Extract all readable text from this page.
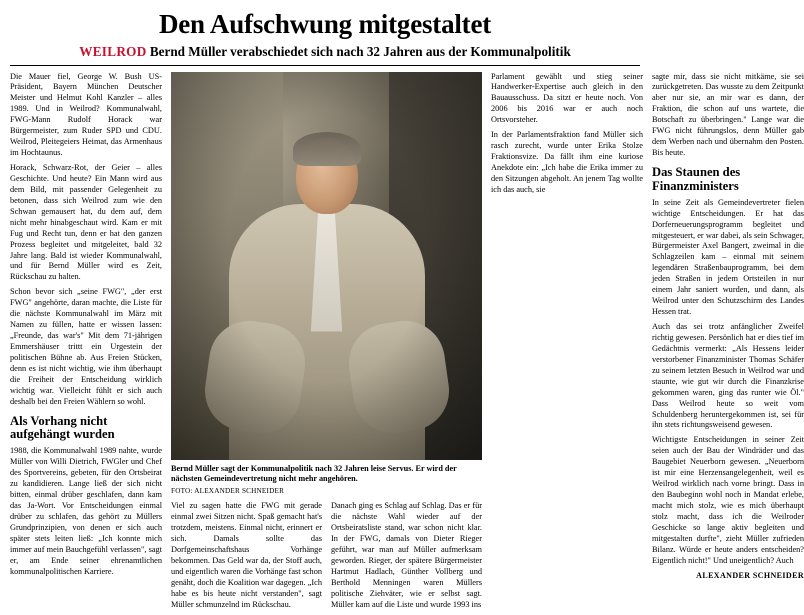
Den Aufschwung mitgestaltet
WEILROD Bernd Müller verabschiedet sich nach 32 Jahren aus der Kommunalpolitik

Die Mauer fiel, George W. Bush US-Präsident, Bayern München Deutscher Meister und Helmut Kohl Kanzler – alles 1989. Und in Weilrod? Kommunalwahl, FWG-Mann Rudolf Horack war Bürgermeister, zum Ruder SPD und CDU. Weilrod, Pleitegeiers Heimat, das Armenhaus im Hochtaunus.

Horack, Schwarz-Rot, der Geier – alles Geschichte. Und heute? Ein Mann wird aus dem Bild, mit passender Gelegenheit zu betonen, dass sich Weilrod zum wie den Schwan gemausert hat, du dem auf, dem nicht mehr hinabgeschaut wird. Kam er mit Fug und Recht tun, denn er hat den ganzen Prozess begleitet und mitgeleitet, bald 32 Jahre lang. Bald ist wieder Kommunalwahl, und für Bernd Müller wird es Zeit, Rückschau zu halten.

Schon bevor sich „seine FWG", „der erst FWG" angehörte, daran machte, die Liste für die nächste Kommunalwahl im März mit Namen zu füllen, hatte er wissen lassen: „Freunde, das war's" Mit dem 71-jährigen Emmershäuser trittt ein Urgestein der politischen Bühne ab. Aus Freien Stücken, denn es ist nicht wichtig, wie ihm überhaupt die Freiheit der Entscheidung wirklich wichtig war. Vielleicht fühlt er sich auch deshalb bei den Freien Wählern so wohl.

Als Vorhang nicht aufgehängt wurden

1988, die Kommunalwahl 1989 nahte, wurde Müller von Willi Dietrich, FWGler und Chef des Sportvereins, gebeten, für den Ortsbeirat zu kandidieren. Lange ließ der sich nicht bitten, einmal drüber geschlafen, dann kam das Ja-Wort. Vor Entscheidungen einmal drüber zu schlafen, das gehört zu Müllers Grundprinzipien, von denen er sich auch später stets leiten ließ: „Ich konnte mich immer auf mein Bauchgefühl verlassen", sagt er, am Ende seiner ehrenamtlichen kommunalpolitischen Karriere.

Bernd Müller sagt der Kommunalpolitik nach 32 Jahren leise Servus. Er wird der nächsten Gemeindevertretung nicht mehr angehören.
FOTO: ALEXANDER SCHNEIDER

Viel zu sagen hatte die FWG mit gerade einmal zwei Sitzen nicht. Spaß gemacht hat's trotzdem, meistens. Einmal nicht, erinnert er sich. Damals sollte das Dorfgemeinschaftshaus Vorhänge bekommen. Das Geld war da, der Stoff auch, und eigentlich waren die Vorhänge fast schon genäht, doch die Koalition war dagegen. „Ich habe es bis heute nicht verstanden", sagt Müller schmunzelnd im Rückschau.

Danach ging es Schlag auf Schlag. Das er für die nächste Wahl wieder auf der Ortsbeiratsliste stand, war schon nicht klar. In der FWG, damals von Dieter Rieger geführt, war man auf Müller aufmerksam geworden. Rieger, der spätere Bürgermeister Hartmut Hadlach, Günther Vollberg und Berthold Menningen waren Müllers politische Ziehväter, wie er selbst sagt. Müller kam auf die Liste und wurde 1993 ins

Parlament gewählt und stieg seiner Handwerker-Expertise auch gleich in den Bauausschuss. Da sitzt er heute noch. Von 2006 bis 2016 war er auch noch Ortsvorsteher.

In der Parlamentsfraktion fand Müller sich rasch zurecht, wurde unter Erika Stolze Fraktionsvize. Da fällt ihm eine kuriose Anekdote ein: „Ich habe die Erika immer zu den Sitzungen abgeholt. An jenem Tag wollte ich das auch, sie

sagte mir, dass sie nicht mitkäme, sie sei zurückgetreten. Das wusste zu dem Zeitpunkt aber nur sie, an mir war es dann, der Fraktion, die schon auf uns wartete, die Botschaft zu überbringen." Lange war die FWG nicht führungslos, denn Müller gab dem Werben nach und übernahm den Posten. Bis heute.

Das Staunen des Finanzministers

In seine Zeit als Gemeindevertreter fielen wichtige Entscheidungen. Er hat das Dorferneuerungsprogramm begleitet und mitgesteuert, er war dabei, als sein Schwager, Bürgermeister Axel Bangert, zweimal in die Schlagzeilen kam – einmal mit seinem legendären Straßenbauprogramm, bei dem jeden Straßen in jedem Ortsteilen in nur einem Jahr saniert wurden, und dann, als Weilrod unter den Schutzschirm des Landes Hessen trat.

Auch das sei trotz anfänglicher Zweifel richtig gewesen. Persönlich hat er dies tief im Gedächtnis vermerkt: „Als Hessens leider verstorbener Finanzminister Thomas Schäfer zu seinem letzten Besuch in Weilrod war und staunte, wie gut wir durch die Finanzkrise gekommen waren, ging das runter wie Öl." Dass Weilrod heute so weit vom Schuldenberg heruntergekommen ist, sei für ihn stets richtungsweisend gewesen.

Wichtigste Entscheidungen in seiner Zeit seien auch der Bau der Windräder und das Baugebiet Neuerborn gewesen. „Neuerborn ist mir eine Herzensangelegenheit, weil es Weilrod wirklich nach vorne bringt. Dass in den Baubeginn wohl noch in Mandat erlebe, macht mich stolz, wie es mich überhaupt stolz macht, dass ich die Weilroder Geschicke so lange aktiv begleiten und mitgestalten durfte", zieht Müller zufrieden Bilanz. Würde er heute anders entscheiden? Eigentlich nicht!" Und uneigentlich? Auch

ALEXANDER SCHNEIDER
